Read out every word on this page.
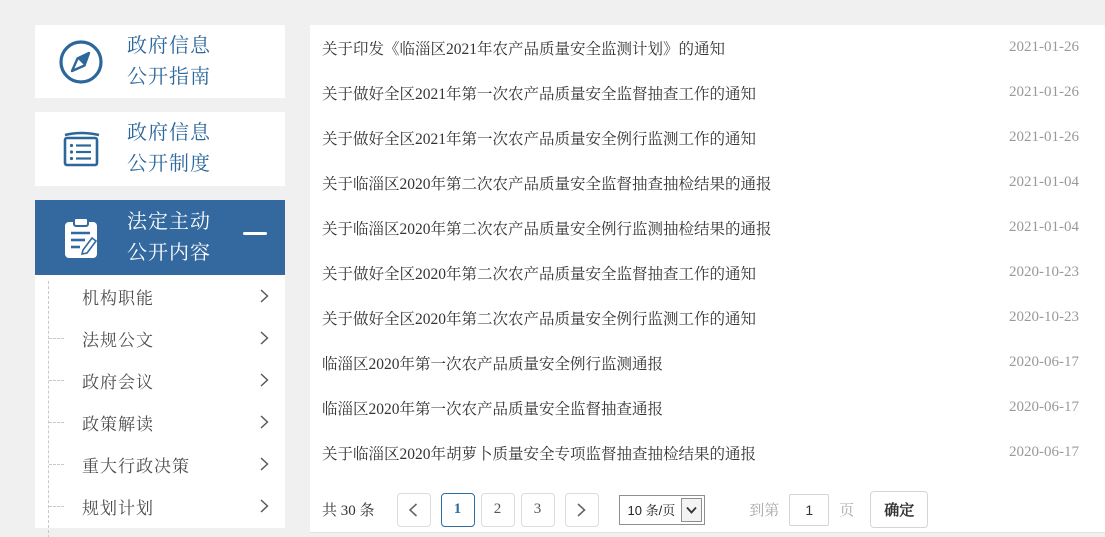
政府信息
公开指南
政府信息
公开制度
法定主动
公开内容
机构职能
法规公文
政府会议
政策解读
重大行政决策
规划计划
关于印发《临淄区2021年农产品质量安全监测计划》的通知	2021-01-26
关于做好全区2021年第一次农产品质量安全监督抽查工作的通知	2021-01-26
关于做好全区2021年第一次农产品质量安全例行监测工作的通知	2021-01-26
关于临淄区2020年第二次农产品质量安全监督抽查抽检结果的通报	2021-01-04
关于临淄区2020年第二次农产品质量安全例行监测抽检结果的通报	2021-01-04
关于做好全区2020年第二次农产品质量安全监督抽查工作的通知	2020-10-23
关于做好全区2020年第二次农产品质量安全例行监测工作的通知	2020-10-23
临淄区2020年第一次农产品质量安全例行监测通报	2020-06-17
临淄区2020年第一次农产品质量安全监督抽查通报	2020-06-17
关于临淄区2020年胡萝卜质量安全专项监督抽查抽检结果的通报	2020-06-17
共 30 条	1	2	3	10 条/页	到第
1	页	确定
